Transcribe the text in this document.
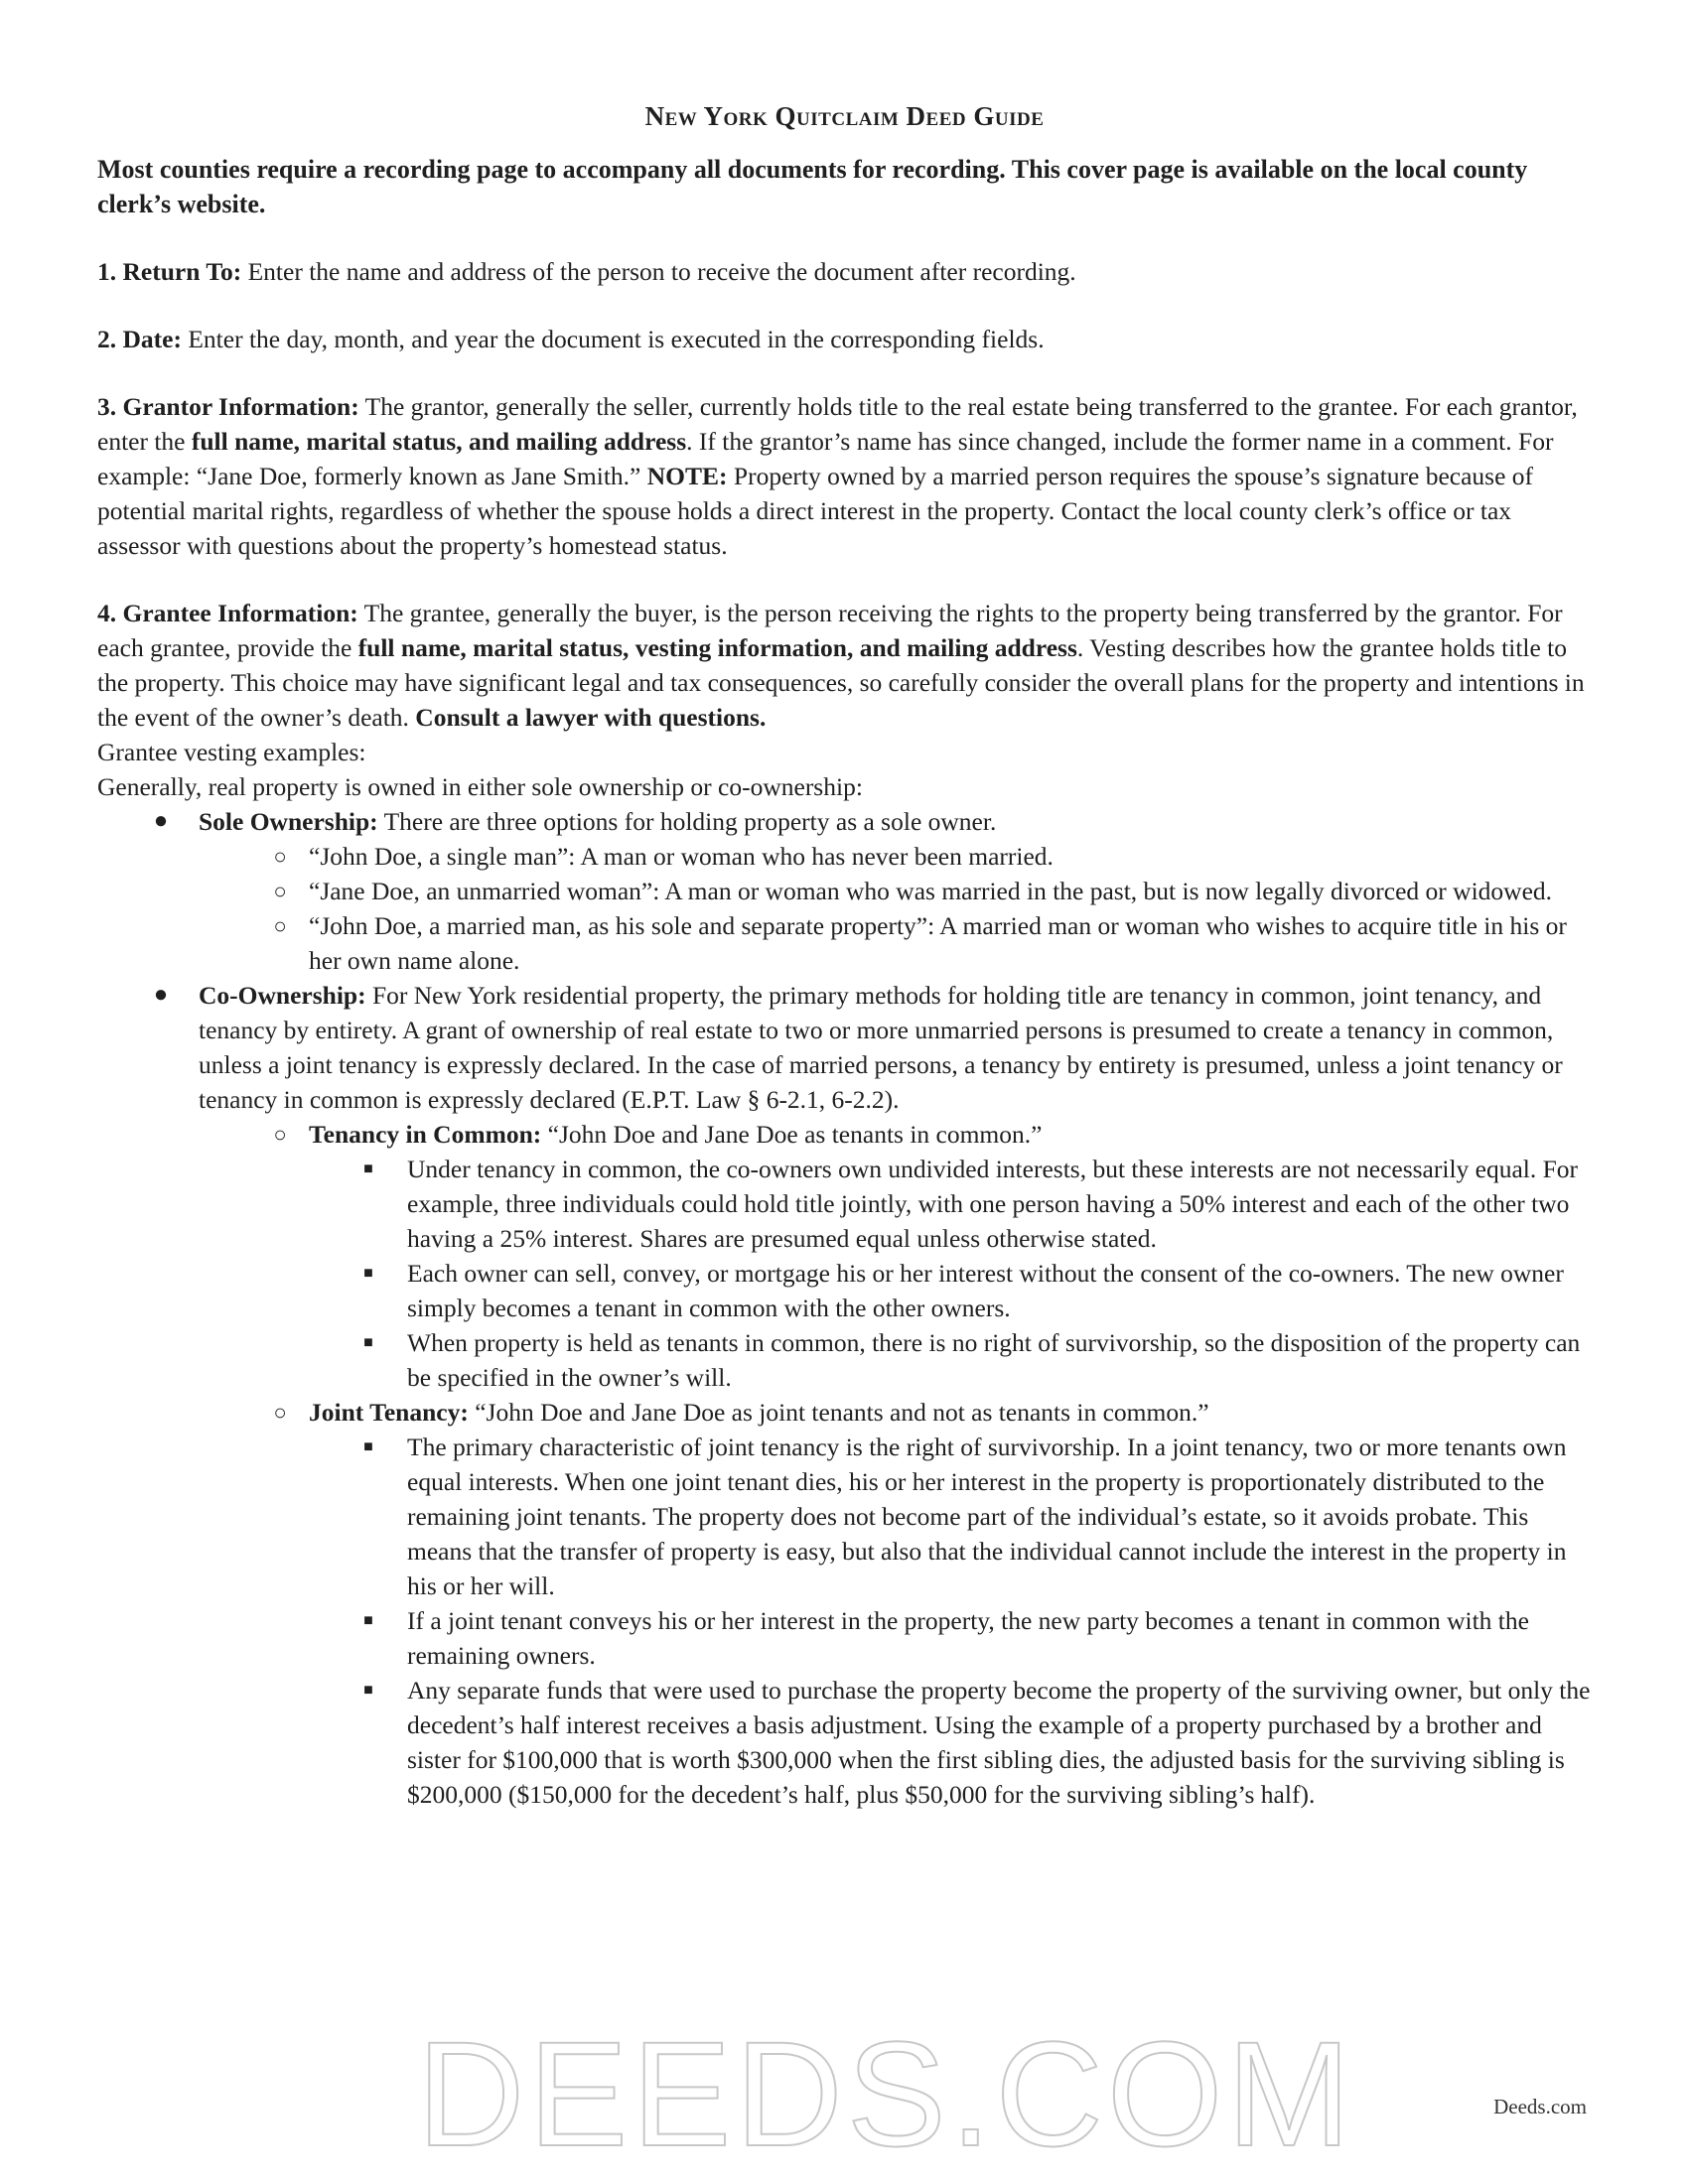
New York Quitclaim Deed Guide

Most counties require a recording page to accompany all documents for recording. This cover page is available on the local county clerk’s website.

1. Return To: Enter the name and address of the person to receive the document after recording.

2. Date: Enter the day, month, and year the document is executed in the corresponding fields.

3. Grantor Information: The grantor, generally the seller, currently holds title to the real estate being transferred to the grantee. For each grantor, enter the full name, marital status, and mailing address. If the grantor’s name has since changed, include the former name in a comment. For example: “Jane Doe, formerly known as Jane Smith.” NOTE: Property owned by a married person requires the spouse’s signature because of potential marital rights, regardless of whether the spouse holds a direct interest in the property. Contact the local county clerk’s office or tax assessor with questions about the property’s homestead status.

4. Grantee Information: The grantee, generally the buyer, is the person receiving the rights to the property being transferred by the grantor. For each grantee, provide the full name, marital status, vesting information, and mailing address. Vesting describes how the grantee holds title to the property. This choice may have significant legal and tax consequences, so carefully consider the overall plans for the property and intentions in the event of the owner’s death. Consult a lawyer with questions.

Grantee vesting examples:

Generally, real property is owned in either sole ownership or co-ownership:

● Sole Ownership: There are three options for holding property as a sole owner.
○ “John Doe, a single man”: A man or woman who has never been married.
○ “Jane Doe, an unmarried woman”: A man or woman who was married in the past, but is now legally divorced or widowed.
○ “John Doe, a married man, as his sole and separate property”: A married man or woman who wishes to acquire title in his or her own name alone.
● Co-Ownership: For New York residential property, the primary methods for holding title are tenancy in common, joint tenancy, and tenancy by entirety. A grant of ownership of real estate to two or more unmarried persons is presumed to create a tenancy in common, unless a joint tenancy is expressly declared. In the case of married persons, a tenancy by entirety is presumed, unless a joint tenancy or tenancy in common is expressly declared (E.P.T. Law § 6-2.1, 6-2.2).
○ Tenancy in Common: “John Doe and Jane Doe as tenants in common.”
■ Under tenancy in common, the co-owners own undivided interests, but these interests are not necessarily equal. For example, three individuals could hold title jointly, with one person having a 50% interest and each of the other two having a 25% interest. Shares are presumed equal unless otherwise stated.
■ Each owner can sell, convey, or mortgage his or her interest without the consent of the co-owners. The new owner simply becomes a tenant in common with the other owners.
■ When property is held as tenants in common, there is no right of survivorship, so the disposition of the property can be specified in the owner’s will.
○ Joint Tenancy: “John Doe and Jane Doe as joint tenants and not as tenants in common.”
■ The primary characteristic of joint tenancy is the right of survivorship. In a joint tenancy, two or more tenants own equal interests. When one joint tenant dies, his or her interest in the property is proportionately distributed to the remaining joint tenants. The property does not become part of the individual’s estate, so it avoids probate. This means that the transfer of property is easy, but also that the individual cannot include the interest in the property in his or her will.
■ If a joint tenant conveys his or her interest in the property, the new party becomes a tenant in common with the remaining owners.
■ Any separate funds that were used to purchase the property become the property of the surviving owner, but only the decedent’s half interest receives a basis adjustment. Using the example of a property purchased by a brother and sister for $100,000 that is worth $300,000 when the first sibling dies, the adjusted basis for the surviving sibling is $200,000 ($150,000 for the decedent’s half, plus $50,000 for the surviving sibling’s half).
DEEDS.COM	Deeds.com
